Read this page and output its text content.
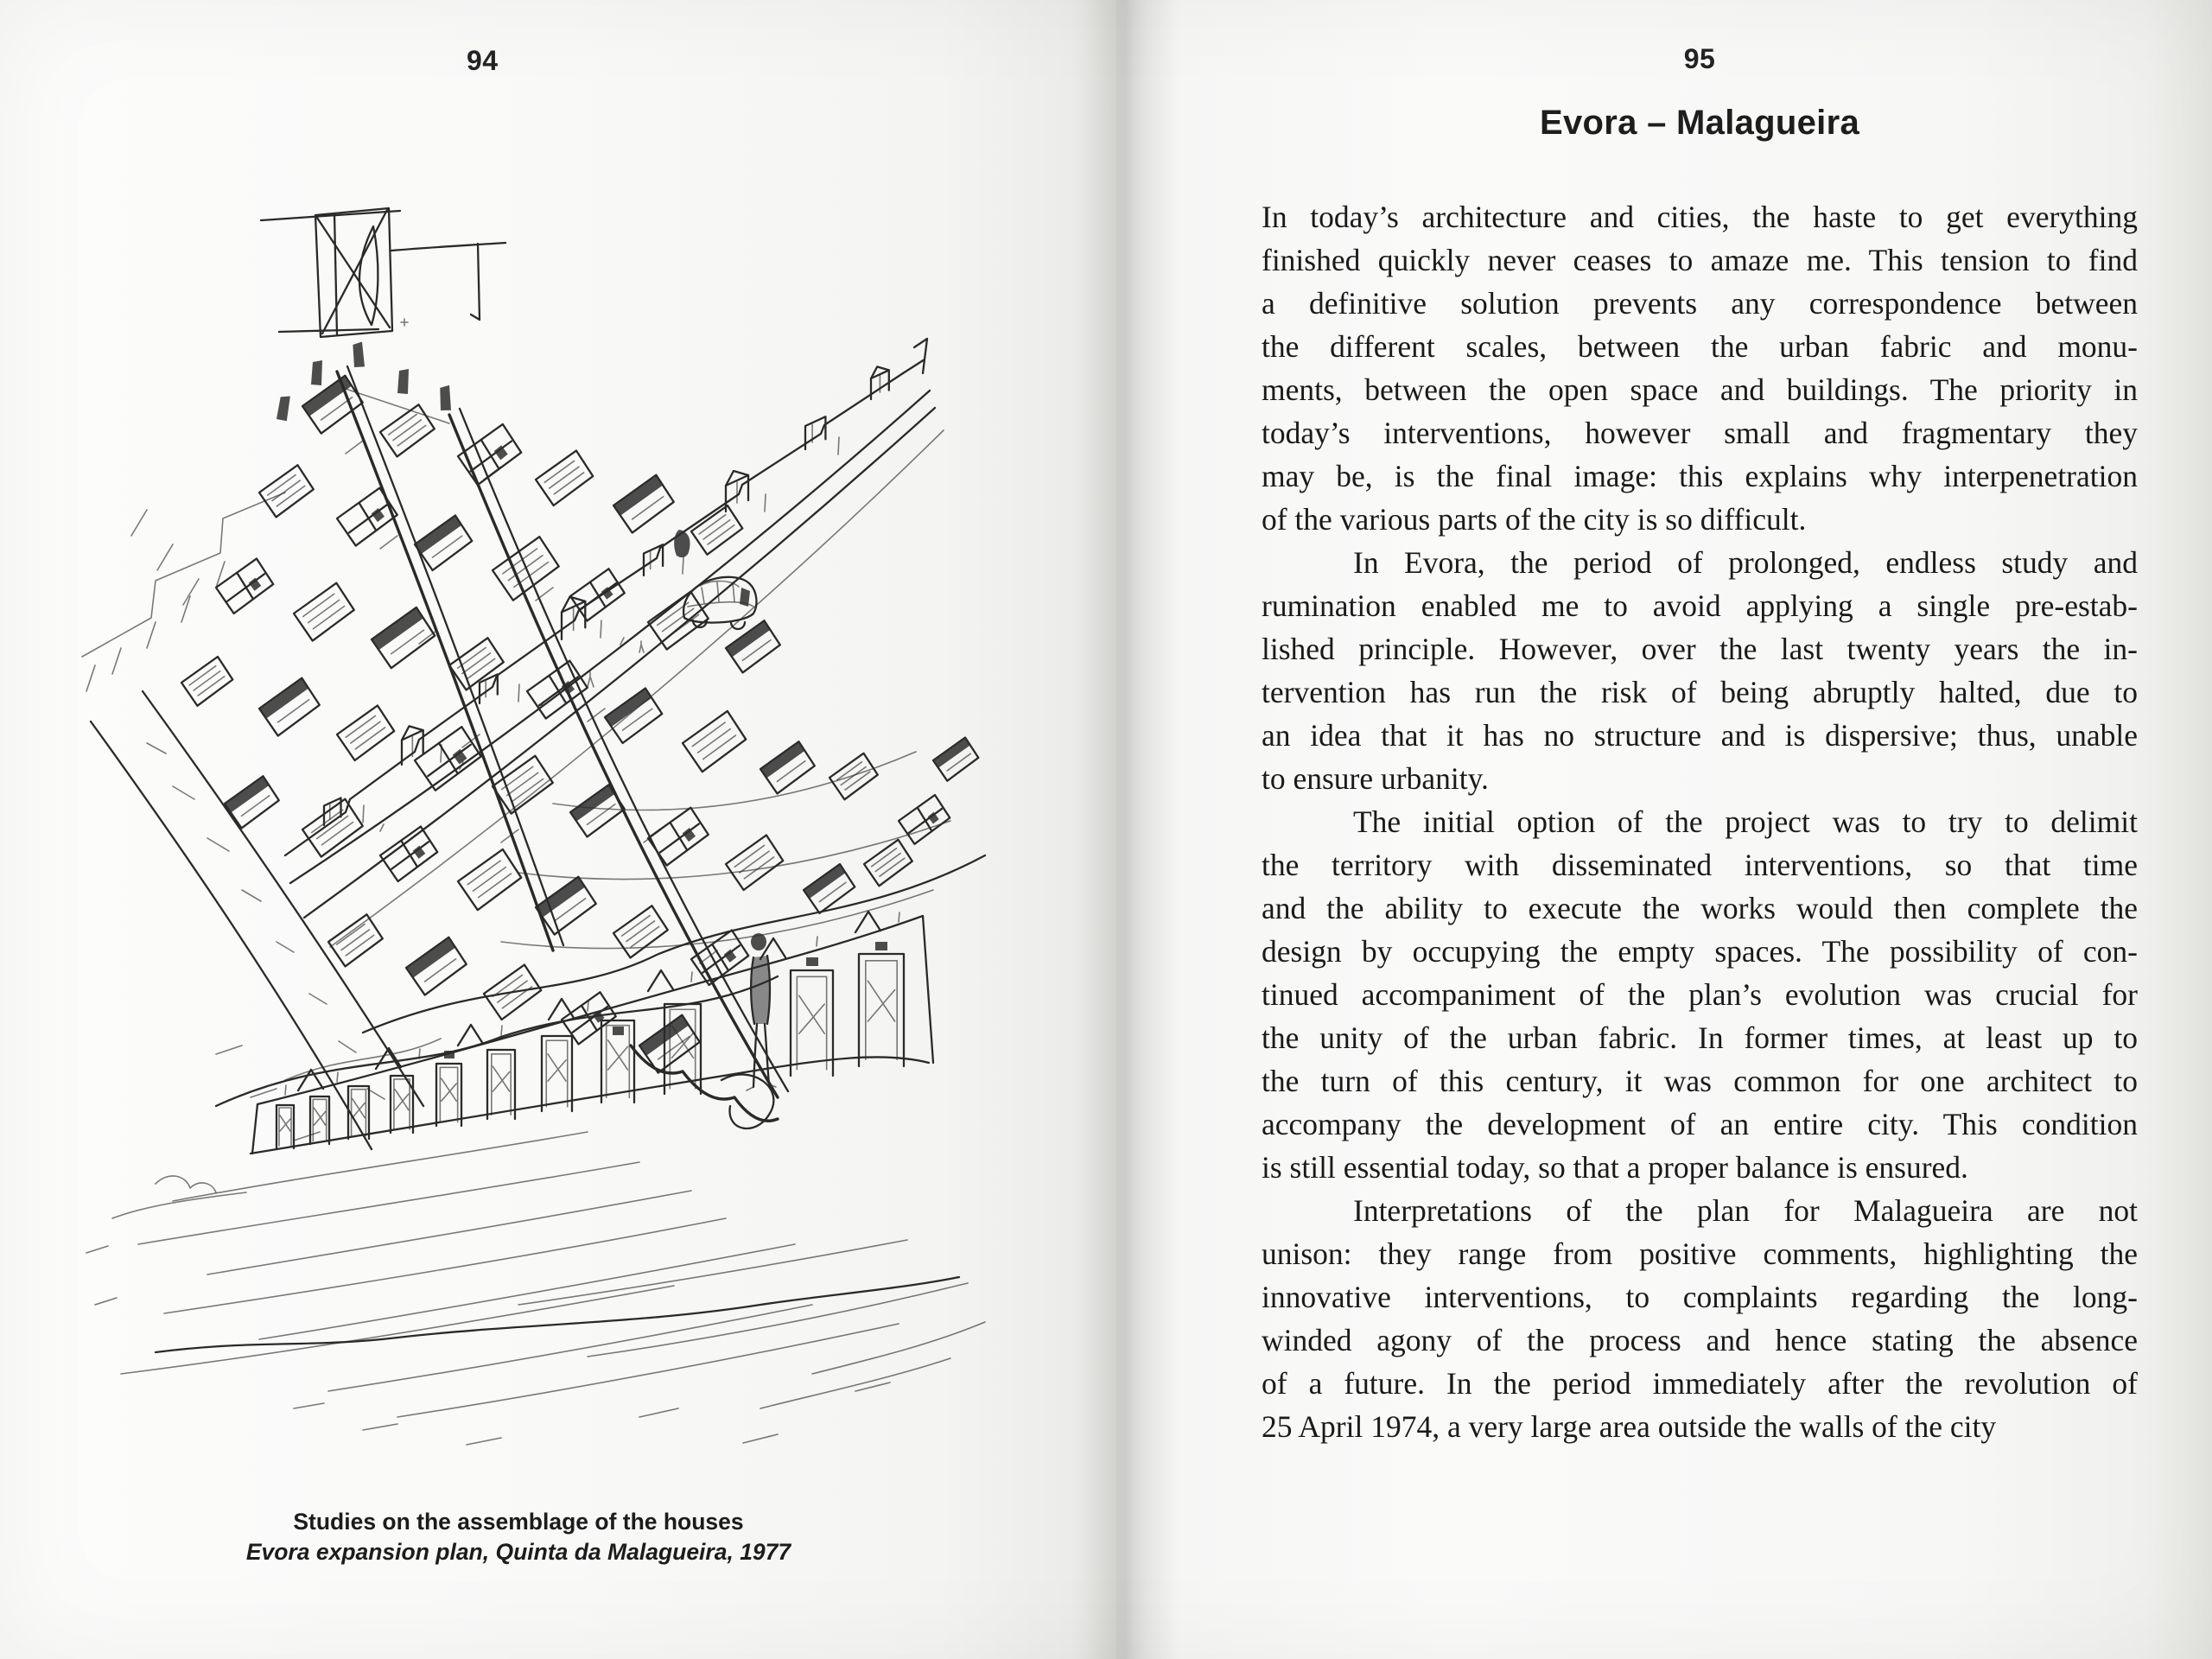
94
Studies on the assemblage of the houses
Evora expansion plan, Quinta da Malagueira, 1977
95
Evora – Malagueira
In today’s architecture and cities, the haste to get everything
finished quickly never ceases to amaze me. This tension to find
a definitive solution prevents any correspondence between
the different scales, between the urban fabric and monu-
ments, between the open space and buildings. The priority in
today’s interventions, however small and fragmentary they
may be, is the final image: this explains why interpenetration
of the various parts of the city is so difficult.
In Evora, the period of prolonged, endless study and
rumination enabled me to avoid applying a single pre-estab-
lished principle. However, over the last twenty years the in-
tervention has run the risk of being abruptly halted, due to
an idea that it has no structure and is dispersive; thus, unable
to ensure urbanity.
The initial option of the project was to try to delimit
the territory with disseminated interventions, so that time
and the ability to execute the works would then complete the
design by occupying the empty spaces. The possibility of con-
tinued accompaniment of the plan’s evolution was crucial for
the unity of the urban fabric. In former times, at least up to
the turn of this century, it was common for one architect to
accompany the development of an entire city. This condition
is still essential today, so that a proper balance is ensured.
Interpretations of the plan for Malagueira are not
unison: they range from positive comments, highlighting the
innovative interventions, to complaints regarding the long-
winded agony of the process and hence stating the absence
of a future. In the period immediately after the revolution of
25 April 1974, a very large area outside the walls of the city
